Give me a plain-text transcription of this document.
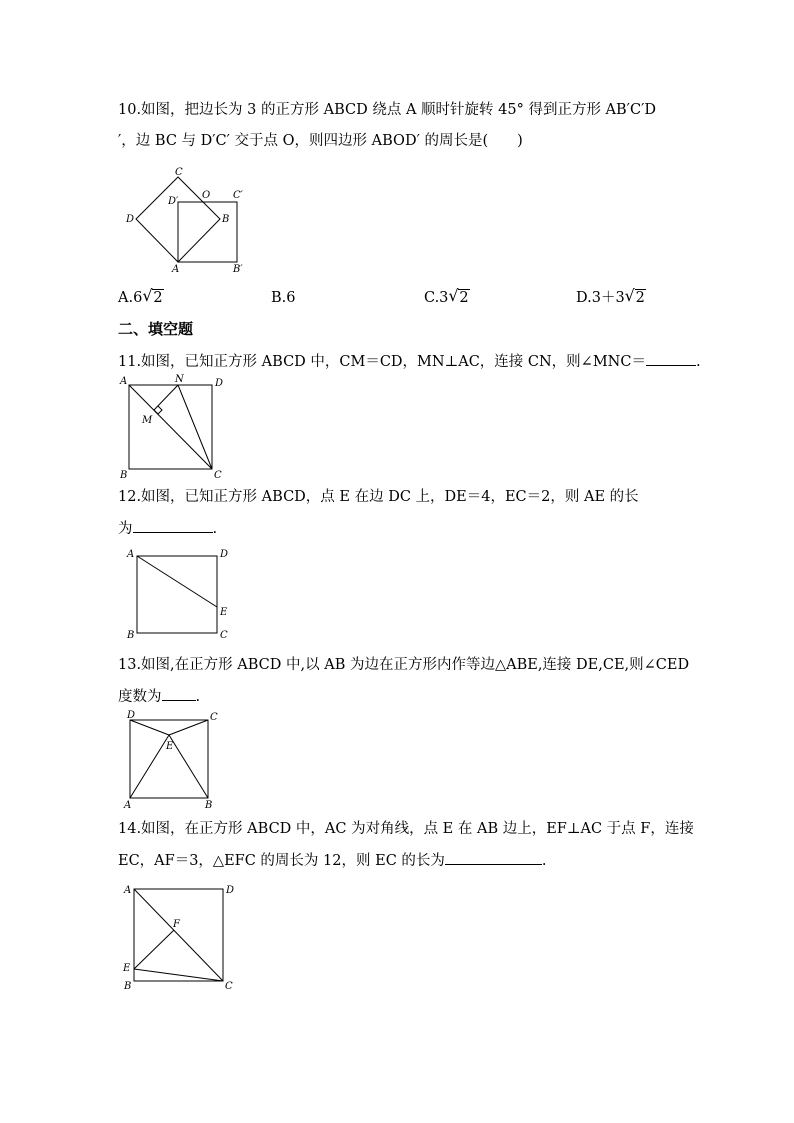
10.如图，把边长为 3 的正方形 ABCD 绕点 A 顺时针旋转 45° 得到正方形 AB′C′D
′，边 BC 与 D′C′ 交于点 O，则四边形 ABOD′ 的周长是(　　)
C
O C′
D′
D	B
A	B′
A.6 √ 2	B.6	C.3 √ 2	D.3＋3 √ 2
二、填空题
11.如图，已知正方形 ABCD 中，CM＝CD，MN⊥AC，连接 CN，则∠MNC＝	.
A	N	D
M
B	C
12.如图，已知正方形 ABCD，点 E 在边 DC 上，DE＝4，EC＝2，则 AE 的长
为	.
A	D
E
B	C
13.如图,在正方形 ABCD 中,以 AB 为边在正方形内作等边△ABE,连接 DE,CE,则∠CED
度数为 .
D	C
E
A	B
14.如图，在正方形 ABCD 中，AC 为对角线，点 E 在 AB 边上，EF⊥AC 于点 F，连接
EC，AF＝3，△EFC 的周长为 12，则 EC 的长为	.
A	D
F
E
B	C
